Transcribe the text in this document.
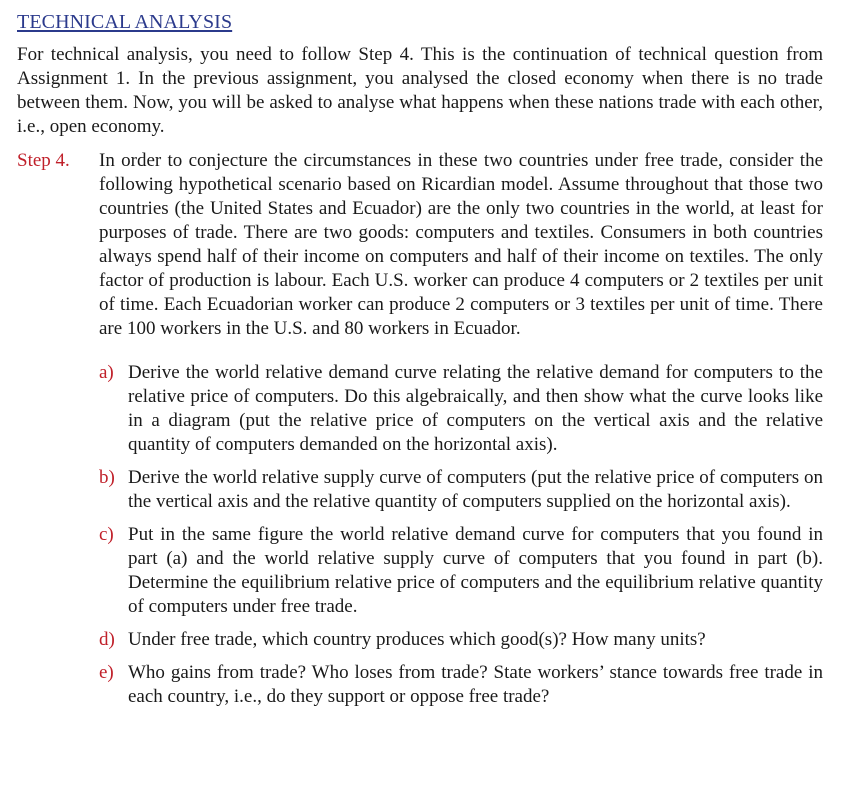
TECHNICAL ANALYSIS

For technical analysis, you need to follow Step 4. This is the continuation of technical question from Assignment 1. In the previous assignment, you analysed the closed economy when there is no trade between them. Now, you will be asked to analyse what happens when these nations trade with each other, i.e., open economy.

Step 4.	In order to conjecture the circumstances in these two countries under free trade, consider the following hypothetical scenario based on Ricardian model. Assume throughout that those two countries (the United States and Ecuador) are the only two countries in the world, at least for purposes of trade. There are two goods: computers and textiles. Consumers in both countries always spend half of their income on computers and half of their income on textiles. The only factor of production is labour. Each U.S. worker can produce 4 computers or 2 textiles per unit of time. Each Ecuadorian worker can produce 2 computers or 3 textiles per unit of time. There are 100 workers in the U.S. and 80 workers in Ecuador.

a) Derive the world relative demand curve relating the relative demand for computers to the relative price of computers. Do this algebraically, and then show what the curve looks like in a diagram (put the relative price of computers on the vertical axis and the relative quantity of computers demanded on the horizontal axis).
b) Derive the world relative supply curve of computers (put the relative price of computers on the vertical axis and the relative quantity of computers supplied on the horizontal axis).
c) Put in the same figure the world relative demand curve for computers that you found in part (a) and the world relative supply curve of computers that you found in part (b). Determine the equilibrium relative price of computers and the equilibrium relative quantity of computers under free trade.
d) Under free trade, which country produces which good(s)? How many units?
e) Who gains from trade? Who loses from trade? State workers’ stance towards free trade in each country, i.e., do they support or oppose free trade?
